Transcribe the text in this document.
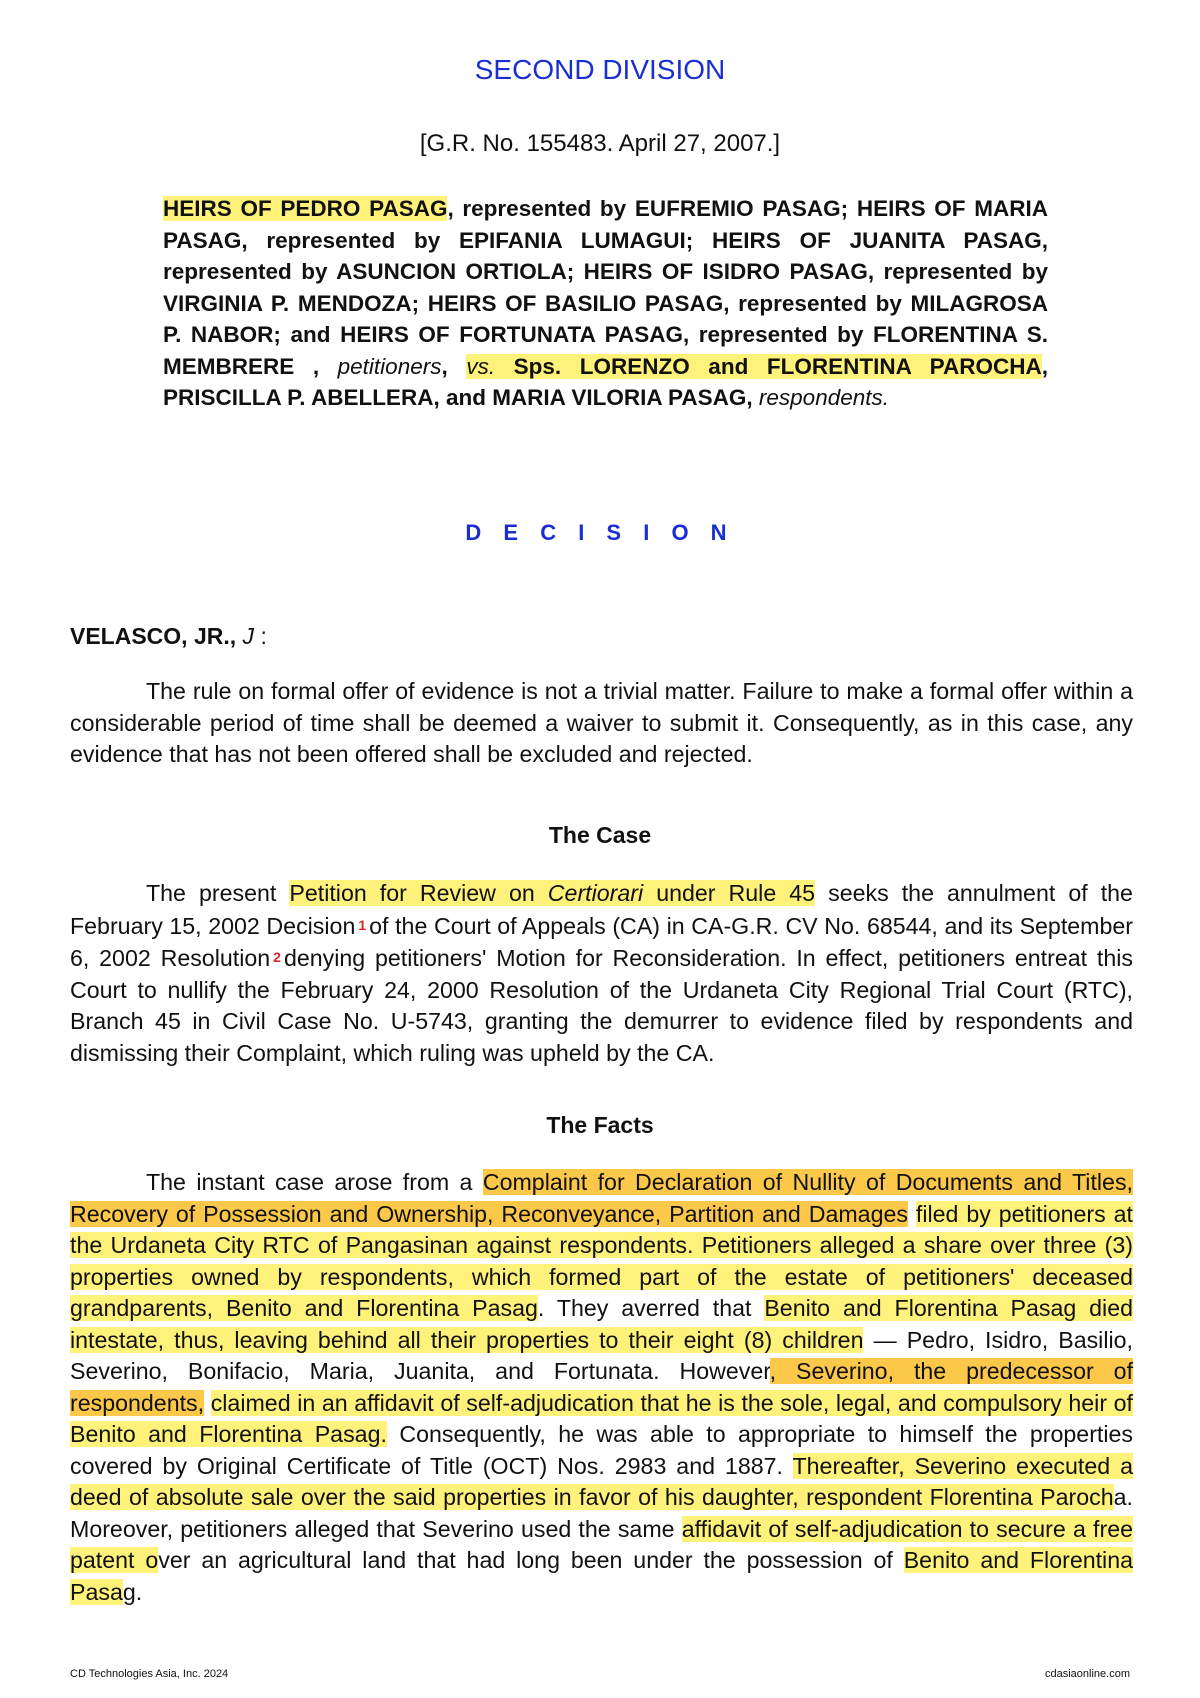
SECOND DIVISION
[G.R. No. 155483. April 27, 2007.]
HEIRS OF PEDRO PASAG, represented by EUFREMIO PASAG; HEIRS OF MARIA PASAG, represented by EPIFANIA LUMAGUI; HEIRS OF JUANITA PASAG, represented by ASUNCION ORTIOLA; HEIRS OF ISIDRO PASAG, represented by VIRGINIA P. MENDOZA; HEIRS OF BASILIO PASAG, represented by MILAGROSA P. NABOR; and HEIRS OF FORTUNATA PASAG, represented by FLORENTINA S. MEMBRERE , petitioners, vs. Sps. LORENZO and FLORENTINA PAROCHA, PRISCILLA P. ABELLERA, and MARIA VILORIA PASAG, respondents.
D E C I S I O N
VELASCO, JR., J :
The rule on formal offer of evidence is not a trivial matter. Failure to make a formal offer within a considerable period of time shall be deemed a waiver to submit it. Consequently, as in this case, any evidence that has not been offered shall be excluded and rejected.
The Case
The present Petition for Review on Certiorari under Rule 45 seeks the annulment of the February 15, 2002 Decision 1 of the Court of Appeals (CA) in CA-G.R. CV No. 68544, and its September 6, 2002 Resolution 2 denying petitioners' Motion for Reconsideration. In effect, petitioners entreat this Court to nullify the February 24, 2000 Resolution of the Urdaneta City Regional Trial Court (RTC), Branch 45 in Civil Case No. U-5743, granting the demurrer to evidence filed by respondents and dismissing their Complaint, which ruling was upheld by the CA.
The Facts
The instant case arose from a Complaint for Declaration of Nullity of Documents and Titles, Recovery of Possession and Ownership, Reconveyance, Partition and Damages filed by petitioners at the Urdaneta City RTC of Pangasinan against respondents. Petitioners alleged a share over three (3) properties owned by respondents, which formed part of the estate of petitioners' deceased grandparents, Benito and Florentina Pasag. They averred that Benito and Florentina Pasag died intestate, thus, leaving behind all their properties to their eight (8) children — Pedro, Isidro, Basilio, Severino, Bonifacio, Maria, Juanita, and Fortunata. However, Severino, the predecessor of respondents, claimed in an affidavit of self-adjudication that he is the sole, legal, and compulsory heir of Benito and Florentina Pasag. Consequently, he was able to appropriate to himself the properties covered by Original Certificate of Title (OCT) Nos. 2983 and 1887. Thereafter, Severino executed a deed of absolute sale over the said properties in favor of his daughter, respondent Florentina Parocha. Moreover, petitioners alleged that Severino used the same affidavit of self-adjudication to secure a free patent over an agricultural land that had long been under the possession of Benito and Florentina Pasag.
CD Technologies Asia, Inc. 2024	cdasiaonline.com
